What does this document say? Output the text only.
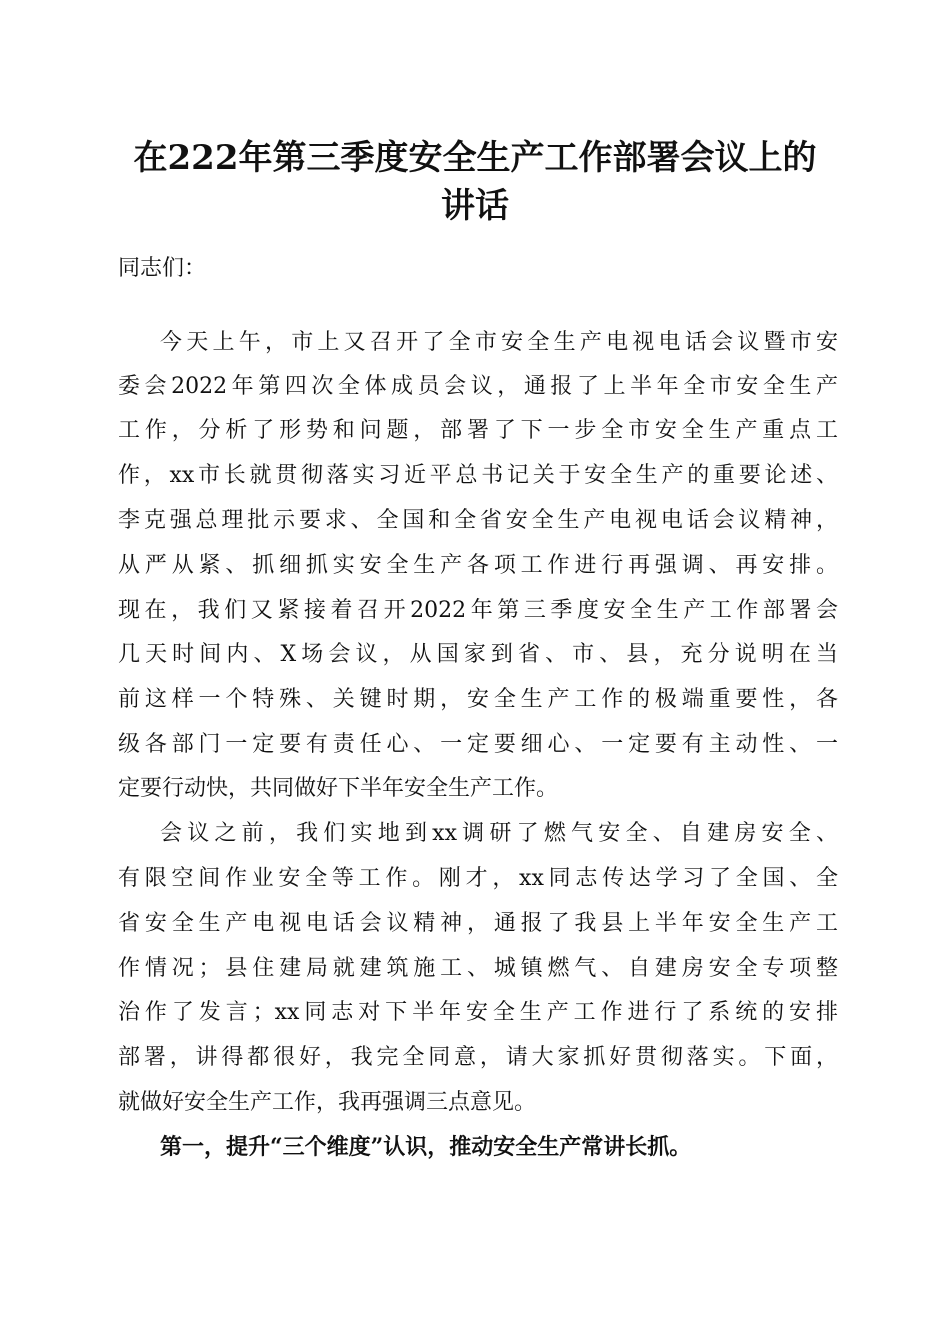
在222年第三季度安全生产工作部署会议上的
讲话
同志们：
今天上午，市上又召开了全市安全生产电视电话会议暨市安
委会2022年第四次全体成员会议，通报了上半年全市安全生产
工作，分析了形势和问题，部署了下一步全市安全生产重点工
作，xx市长就贯彻落实习近平总书记关于安全生产的重要论述、
李克强总理批示要求、全国和全省安全生产电视电话会议精神，
从严从紧、抓细抓实安全生产各项工作进行再强调、再安排。
现在，我们又紧接着召开2022年第三季度安全生产工作部署会
几天时间内、X场会议，从国家到省、市、县，充分说明在当
前这样一个特殊、关键时期，安全生产工作的极端重要性，各
级各部门一定要有责任心、一定要细心、一定要有主动性、一
定要行动快，共同做好下半年安全生产工作。
会议之前，我们实地到xx调研了燃气安全、自建房安全、
有限空间作业安全等工作。刚才，xx同志传达学习了全国、全
省安全生产电视电话会议精神，通报了我县上半年安全生产工
作情况；县住建局就建筑施工、城镇燃气、自建房安全专项整
治作了发言；xx同志对下半年安全生产工作进行了系统的安排
部署，讲得都很好，我完全同意，请大家抓好贯彻落实。下面，
就做好安全生产工作，我再强调三点意见。
第一，提升“三个维度”认识，推动安全生产常讲长抓。
